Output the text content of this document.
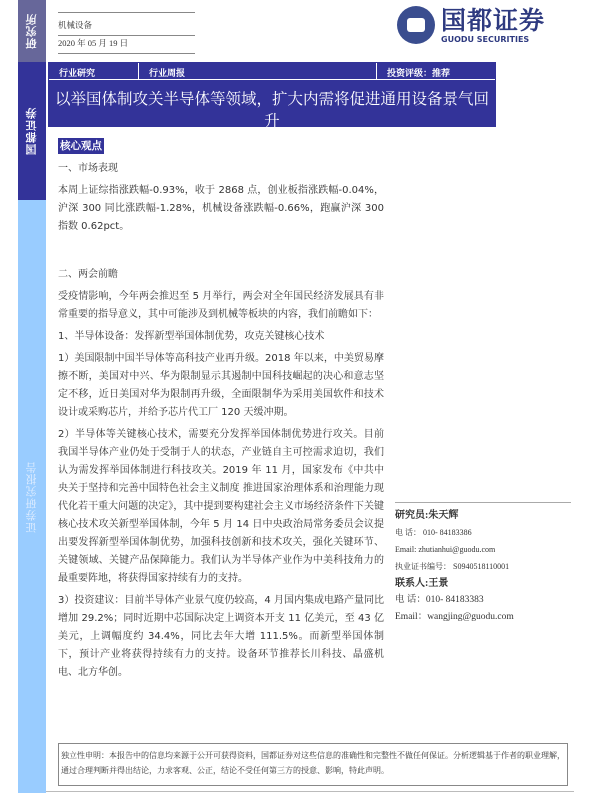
研究所
国都证券
证券研究报告
机械设备
2020 年 05 月 19 日
国都证券
GUODU SECURITIES
行业研究	行业周报	投资评级：推荐
以举国体制攻关半导体等领域，扩大内需将促进通用设备景气回升
机械行业周报
核心观点

一、市场表现

本周上证综指涨跌幅-0.93%，收于 2868 点，创业板指涨跌幅-0.04%，沪深 300 同比涨跌幅-1.28%，机械设备涨跌幅-0.66%，跑赢沪深 300 指数 0.62pct。

二、两会前瞻

受疫情影响，今年两会推迟至 5 月举行，两会对全年国民经济发展具有非常重要的指导意义，其中可能涉及到机械等板块的内容，我们前瞻如下：

1、半导体设备：发挥新型举国体制优势，攻克关键核心技术

1）美国限制中国半导体等高科技产业再升级。2018 年以来，中美贸易摩擦不断，美国对中兴、华为限制显示其遏制中国科技崛起的决心和意志坚定不移，近日美国对华为限制再升级，全面限制华为采用美国软件和技术设计或采购芯片，并给予芯片代工厂 120 天缓冲期。

2）半导体等关键核心技术，需要充分发挥举国体制优势进行攻关。目前我国半导体产业仍处于受制于人的状态，产业链自主可控需求迫切，我们认为需发挥举国体制进行科技攻关。2019 年 11 月，国家发布《中共中央关于坚持和完善中国特色社会主义制度 推进国家治理体系和治理能力现代化若干重大问题的决定》，其中提到要构建社会主义市场经济条件下关键核心技术攻关新型举国体制，今年 5 月 14 日中央政治局常务委员会议提出要发挥新型举国体制优势，加强科技创新和技术攻关，强化关键环节、关键领域、关键产品保障能力。我们认为半导体产业作为中美科技角力的最重要阵地，将获得国家持续有力的支持。

3）投资建议：目前半导体产业景气度仍较高，4 月国内集成电路产量同比增加 29.2%；同时近期中芯国际决定上调资本开支 11 亿美元，至 43 亿美元，上调幅度约 34.4%，同比去年大增 111.5%。而新型举国体制下，预计产业将获得持续有力的支持。设备环节推荐长川科技、晶盛机电、北方华创。

研究员:朱天辉
电 话： 010- 84183386
Email: zhutianhui@guodu.com
执业证书编号： S0940518110001
联系人:王景
电 话：010- 84183383
Email：wangjing@guodu.com
独立性申明：本报告中的信息均来源于公开可获得资料，国都证券对这些信息的准确性和完整性不做任何保证。分析逻辑基于作者的职业理解，通过合理判断并得出结论，力求客观、公正，结论不受任何第三方的授意、影响，特此声明。
